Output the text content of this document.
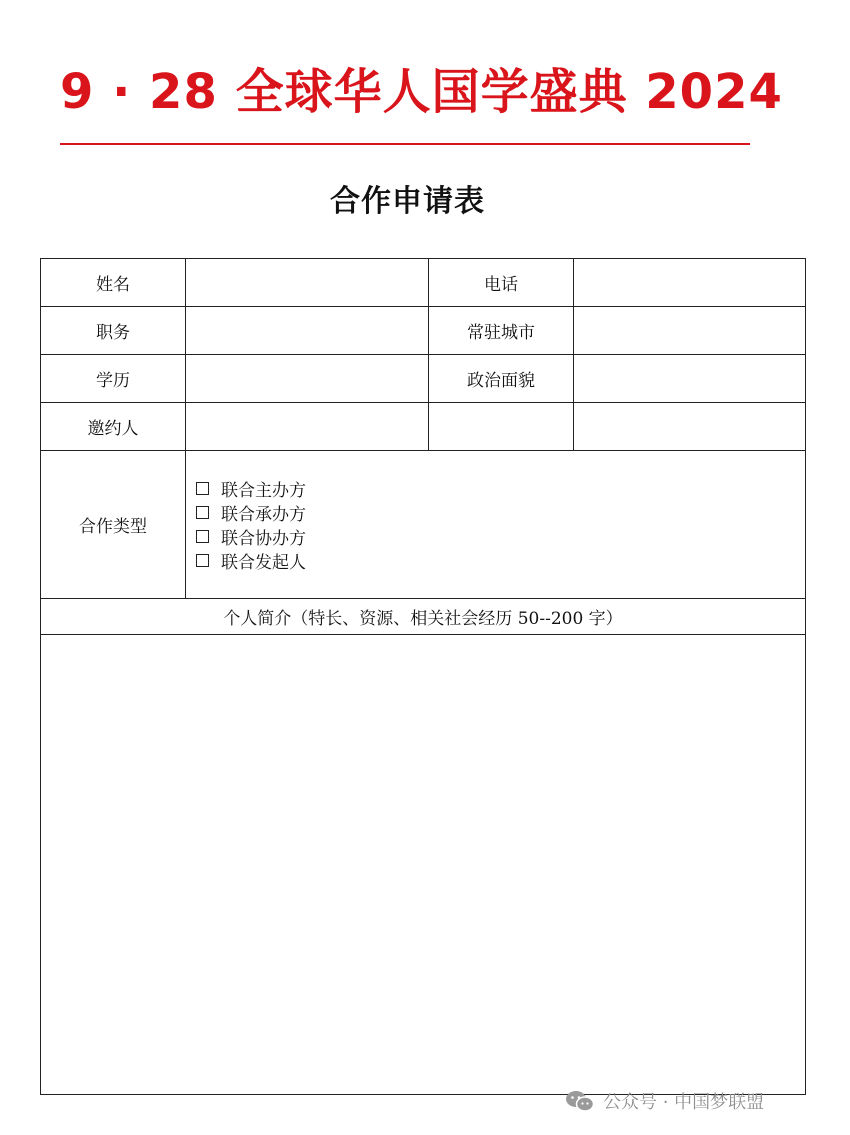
9 · 28 全球华人国学盛典 2024
合作申请表
姓名		电话	
职务		常驻城市	
学历		政治面貌	
邀约人			
合作类型	联合主办方
联合承办方
联合协办方
联合发起人		

个人简介（特长、资源、相关社会经历 50--200 字）			

公众号 · 中国梦联盟
